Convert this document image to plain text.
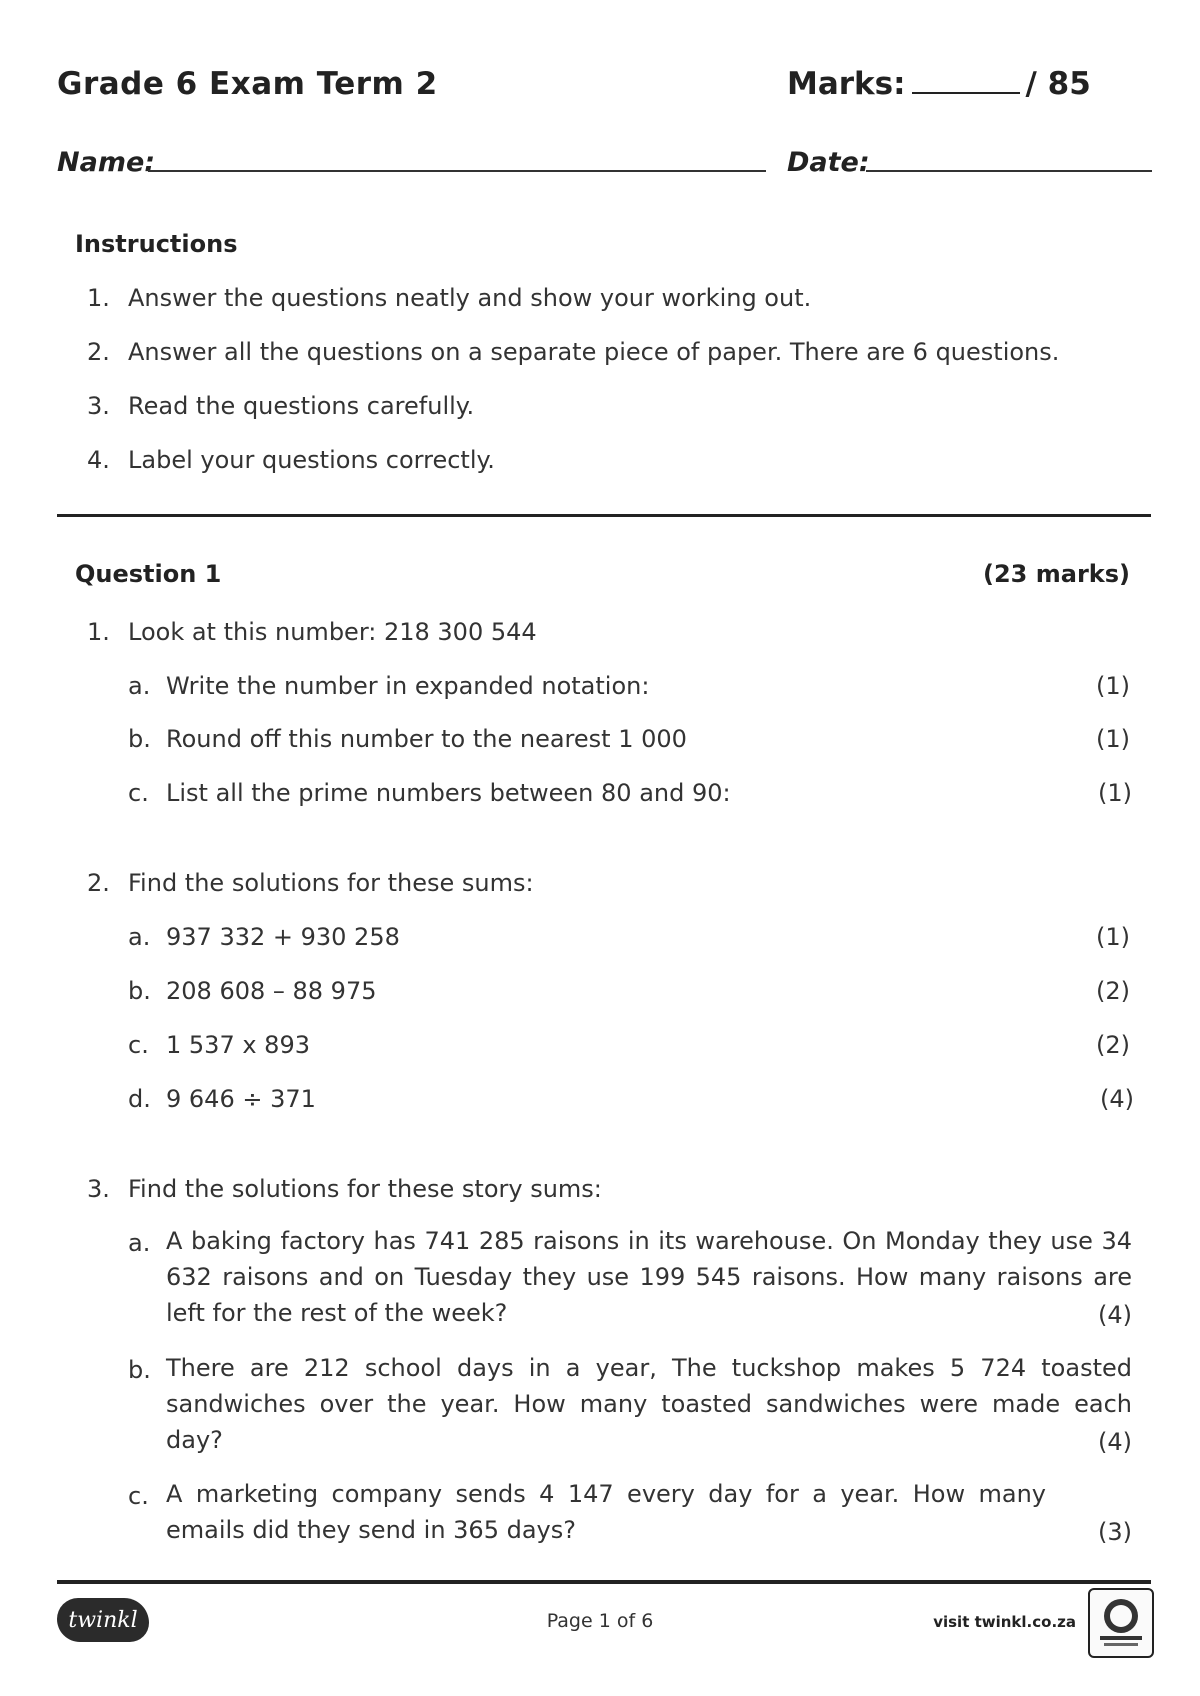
Grade 6 Exam Term 2	Marks:	/ 85
Name:	Date:
Instructions
1. Answer the questions neatly and show your working out.
2. Answer all the questions on a separate piece of paper. There are 6 questions.
3. Read the questions carefully.
4. Label your questions correctly.
Question 1	(23 marks)
1. Look at this number: 218 300 544
a. Write the number in expanded notation:	(1)
b. Round off this number to the nearest 1 000	(1)
c. List all the prime numbers between 80 and 90:	(1)
2. Find the solutions for these sums:
a. 937 332 + 930 258	(1)
b. 208 608 – 88 975	(2)
c. 1 537 x 893	(2)
d. 9 646 ÷ 371	(4)
3. Find the solutions for these story sums:
a. A baking factory has 741 285 raisons in its warehouse. On Monday they use 34 632 raisons and on Tuesday they use 199 545 raisons. How many raisons are left for the rest of the week?	(4)
b. There are 212 school days in a year, The tuckshop makes 5 724 toasted sandwiches over the year. How many toasted sandwiches were made each day?	(4)
c. A marketing company sends 4 147 every day for a year. How many emails did they send in 365 days?	(3)
twinkl	Page 1 of 6	visit twinkl.co.za
